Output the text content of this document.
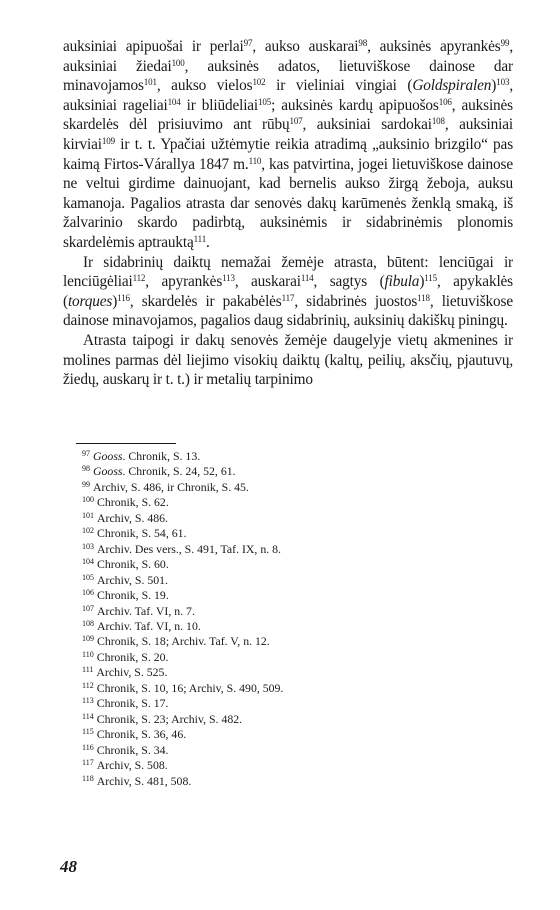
auksiniai apipuošai ir perlai$^{97}$, aukso auskarai$^{98}$, auksinės apyrankės$^{99}$, auksiniai žiedai$^{100}$, auksinės adatos, lietuviškose dainose dar minavojamos$^{101}$, aukso vielos$^{102}$ ir vieliniai vingiai (Goldspiralen)$^{103}$, auksiniai rageliai$^{104}$ ir bliūdeliai$^{105}$; auksinės kardų apipuošos$^{106}$, auksinės skardelės dėl prisiuvimo ant rūbų$^{107}$, auksiniai sardokai$^{108}$, auksiniai kirviai$^{109}$ ir t. t. Ypačiai užtėmytie reikia atradimą „auksinio brizgilo“ pas kaimą Firtos-Várallya 1847 m.$^{110}$, kas patvirtina, jogei lietuviškose dainose ne veltui girdime dainuojant, kad bernelis aukso žirgą žeboja, auksu kamanoja. Pagalios atrasta dar senovės dakų karūmenės ženklą smaką, iš žalvarinio skardo padirbtą, auksinėmis ir sidabrinėmis plonomis skardelėmis aptrauktą$^{111}$.

Ir sidabrinių daiktų nemažai žemėje atrasta, būtent: lenciūgai ir lenciūgėliai$^{112}$, apyrankės$^{113}$, auskarai$^{114}$, sagtys (fibula)$^{115}$, apykaklės (torques)$^{116}$, skardelės ir pakabėlės$^{117}$, sidabrinės juostos$^{118}$, lietuviškose dainose minavojamos, pagalios daug sidabrinių, auksinių dakiškų piningų.

Atrasta taipogi ir dakų senovės žemėje daugelyje vietų akmenines ir molines parmas dėl liejimo visokių daiktų (kaltų, peilių, aksčių, pjautuvų, žiedų, auskarų ir t. t.) ir metalių tarpinimo

$^{97}$ Gooss. Chronik, S. 13.
$^{98}$ Gooss. Chronik, S. 24, 52, 61.
$^{99}$ Archiv, S. 486, ir Chronik, S. 45.
$^{100}$ Chronik, S. 62.
$^{101}$ Archiv, S. 486.
$^{102}$ Chronik, S. 54, 61.
$^{103}$ Archiv. Des vers., S. 491, Taf. IX, n. 8.
$^{104}$ Chronik, S. 60.
$^{105}$ Archiv, S. 501.
$^{106}$ Chronik, S. 19.
$^{107}$ Archiv. Taf. VI, n. 7.
$^{108}$ Archiv. Taf. VI, n. 10.
$^{109}$ Chronik, S. 18; Archiv. Taf. V, n. 12.
$^{110}$ Chronik, S. 20.
$^{111}$ Archiv, S. 525.
$^{112}$ Chronik, S. 10, 16; Archiv, S. 490, 509.
$^{113}$ Chronik, S. 17.
$^{114}$ Chronik, S. 23; Archiv, S. 482.
$^{115}$ Chronik, S. 36, 46.
$^{116}$ Chronik, S. 34.
$^{117}$ Archiv, S. 508.
$^{118}$ Archiv, S. 481, 508.
48
